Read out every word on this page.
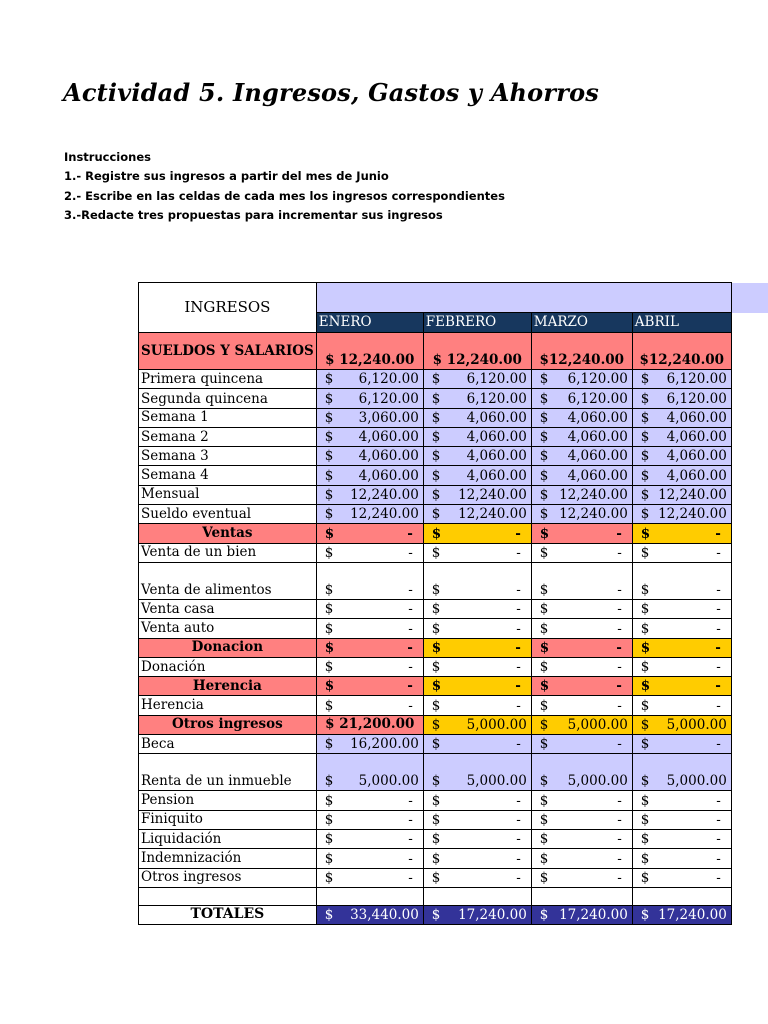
Actividad 5. Ingresos, Gastos y Ahorros
Instrucciones
1.- Registre sus ingresos a partir del mes de Junio
2.- Escribe en las celdas de cada mes los ingresos correspondientes
3.-Redacte tres propuestas para incrementar sus ingresos
INGRESOS				
	ENERO	FEBRERO	MARZO	ABRIL
SUELDOS Y SALARIOS	$ 12,240.00	$ 12,240.00	$12,240.00	$12,240.00
Primera quincena	$ 6,120.00	$ 6,120.00	$ 6,120.00	$ 6,120.00

Segunda quincena	$ 6,120.00	$ 6,120.00	$ 6,120.00	$ 6,120.00

Semana 1	$ 3,060.00	$ 4,060.00	$ 4,060.00	$ 4,060.00

Semana 2	$ 4,060.00	$ 4,060.00	$ 4,060.00	$ 4,060.00

Semana 3	$ 4,060.00	$ 4,060.00	$ 4,060.00	$ 4,060.00

Semana 4	$ 4,060.00	$ 4,060.00	$ 4,060.00	$ 4,060.00

Mensual	$ 12,240.00	$ 12,240.00	$ 12,240.00	$ 12,240.00

Sueldo eventual	$ 12,240.00	$ 12,240.00	$ 12,240.00	$ 12,240.00

Ventas	$ -	$ -	$ -	$ -

Venta de un bien	$ -	$ -	$ -	$ -

Venta de alimentos	$ -	$ -	$ -	$ -

Venta casa	$ -	$ -	$ -	$ -

Venta auto	$ -	$ -	$ -	$ -

Donacion	$ -	$ -	$ -	$ -

Donación	$ -	$ -	$ -	$ -

Herencia	$ -	$ -	$ -	$ -

Herencia	$ -	$ -	$ -	$ -

Otros ingresos	$ 21,200.00	$ 5,000.00	$ 5,000.00	$ 5,000.00

Beca	$ 16,200.00	$ -	$ -	$ -

Renta de un inmueble	$ 5,000.00	$ 5,000.00	$ 5,000.00	$ 5,000.00

Pension	$ -	$ -	$ -	$ -

Finiquito	$ -	$ -	$ -	$ -

Liquidación	$ -	$ -	$ -	$ -

Indemnización	$ -	$ -	$ -	$ -

Otros ingresos	$ -	$ -	$ -	$ -

TOTALES	$ 33,440.00	$ 17,240.00	$ 17,240.00	$ 17,240.00
